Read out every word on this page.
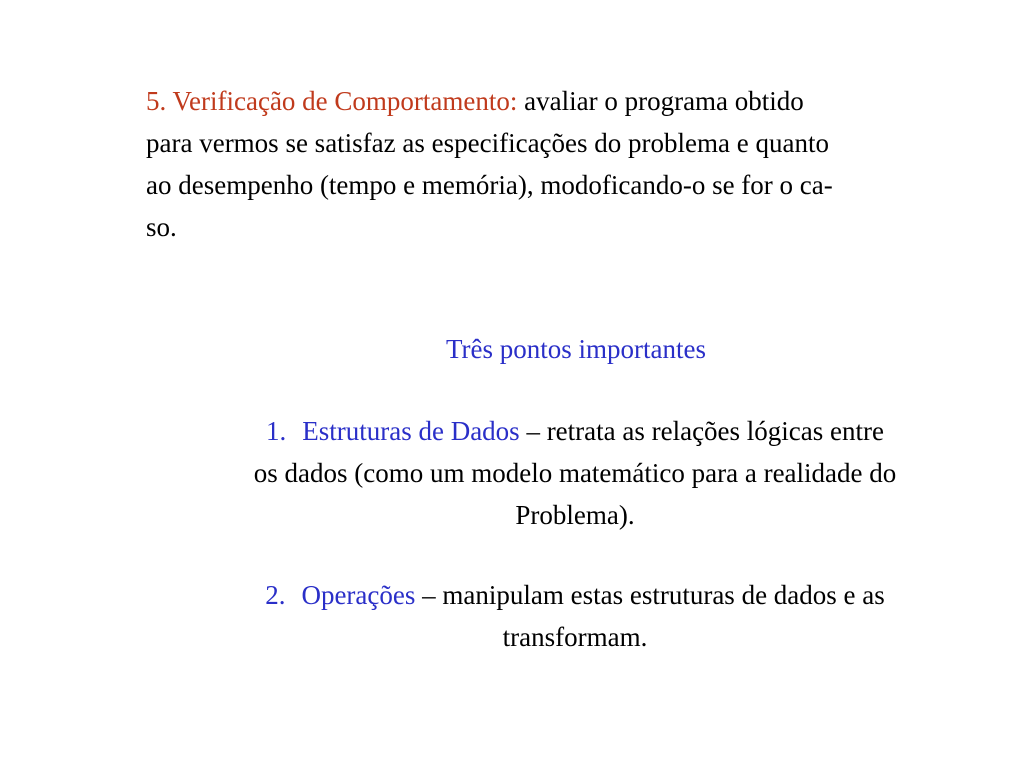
5. Verificação de Comportamento: avaliar o programa obtido
para vermos se satisfaz as especificações do problema e quanto
ao desempenho (tempo e memória), modoficando-o se for o ca-
so.
Três pontos importantes
1. Estruturas de Dados – retrata as relações lógicas entre
os dados (como um modelo matemático para a realidade do
Problema).
2. Operações – manipulam estas estruturas de dados e as
transformam.
